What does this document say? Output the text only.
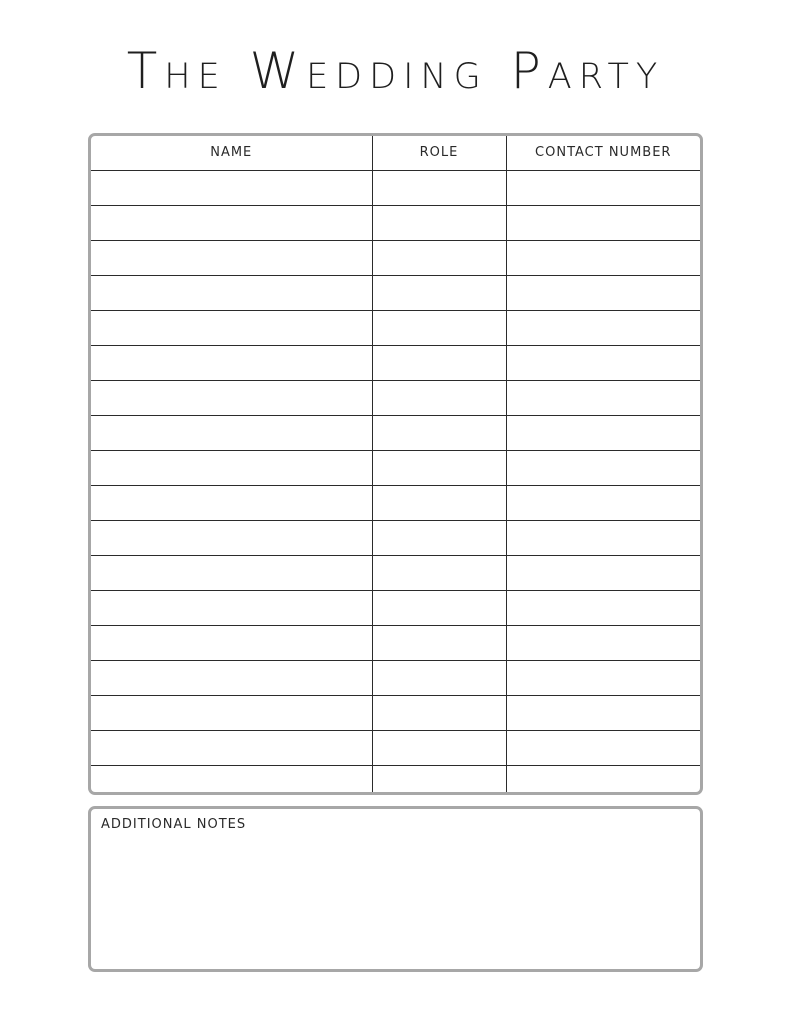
The Wedding Party
NAME	ROLE	CONTACT NUMBER

ADDITIONAL NOTES
